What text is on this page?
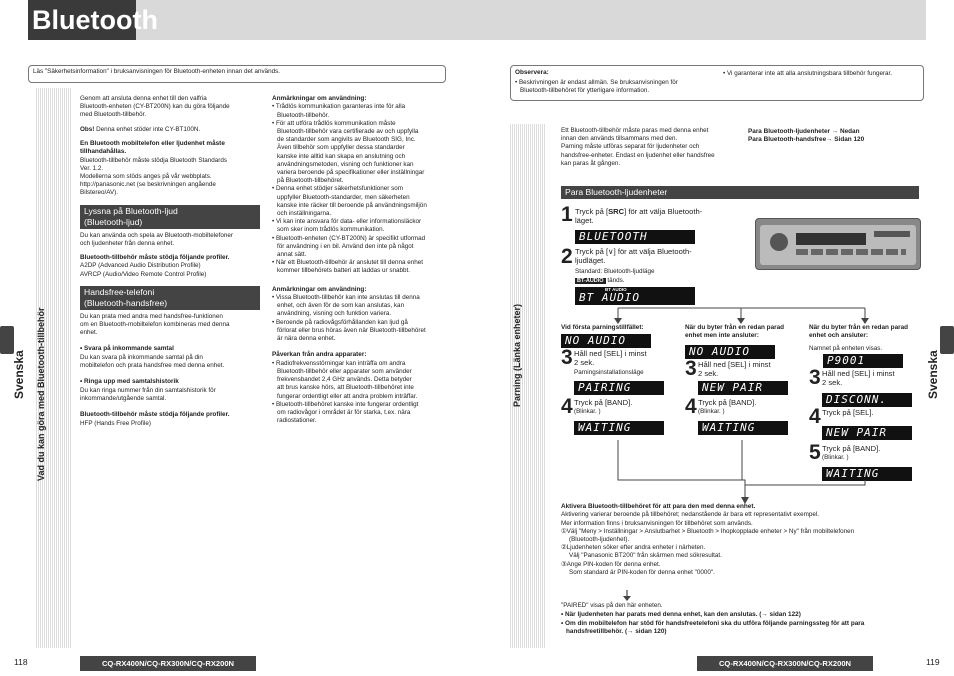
Bluetooth
Läs "Säkerhetsinformation" i bruksanvisningen för Bluetooth-enheten innan det används.
Svenska	Vad du kan göra med Bluetooth-tillbehör
Genom att ansluta denna enhet till den valfria
Bluetooth-enheten (CY-BT200N) kan du göra följande
med Bluetooth-tillbehör.
Obs! Denna enhet stöder inte CY-BT100N.
En Bluetooth mobiltelefon eller ljudenhet måste
tillhandahållas.
Bluetooth-tillbehör måste stödja Bluetooth Standards
Ver. 1.2.
Modellerna som stöds anges på vår webbplats.
http://panasonic.net (se beskrivningen angående
Bilstereo/AV).
Lyssna på Bluetooth-ljud
(Bluetooth-ljud)
Du kan använda och spela av Bluetooth-mobiltelefoner
och ljudenheter från denna enhet.
Bluetooth-tillbehör måste stödja följande profiler.
A2DP (Advanced Audio Distribution Profile)
AVRCP (Audio/Video Remote Control Profile)
Handsfree-telefoni
(Bluetooth-handsfree)
Du kan prata med andra med handsfree-funktionen
om en Bluetooth-mobiltelefon kombineras med denna
enhet.
• Svara på inkommande samtal
Du kan svara på inkommande samtal på din
mobiltelefon och prata handsfree med denna enhet.
• Ringa upp med samtalshistorik
Du kan ringa nummer från din samtalshistorik för
inkommande/utgående samtal.
Bluetooth-tillbehör måste stödja följande profiler.
HFP (Hands Free Profile)
Anmärkningar om användning:
• Trådlös kommunikation garanteras inte för alla
Bluetooth-tillbehör.
• För att utföra trådlös kommunikation måste
Bluetooth-tillbehör vara certifierade av och uppfylla
de standarder som angivits av Bluetooth SIG, Inc.
Även tillbehör som uppfyller dessa standarder
kanske inte alltid kan skapa en anslutning och
användningsmetoden, visning och funktioner kan
variera beroende på specifikationer eller inställningar
på Bluetooth-tillbehöret.
• Denna enhet stödjer säkerhetsfunktioner som
uppfyller Bluetooth-standarder, men säkerheten
kanske inte räcker till beroende på användningsmiljön
och inställningarna.
• Vi kan inte ansvara för data- eller informationsläckor
som sker inom trådlös kommunikation.
• Bluetooth-enheten (CY-BT200N) är specifikt utformad
för användning i en bil. Använd den inte på något
annat sätt.
• När ett Bluetooth-tillbehör är anslutet till denna enhet
kommer tillbehörets batteri att laddas ur snabbt.
Anmärkningar om användning:
• Vissa Bluetooth-tillbehör kan inte anslutas till denna
enhet, och även för de som kan anslutas, kan
användning, visning och funktion variera.
• Beroende på radiovågsförhållanden kan ljud gå
förlorat eller brus höras även när Bluetooth-tillbehöret
är nära denna enhet.
Påverkan från andra apparater:
• Radiofrekvensstörningar kan inträffa om andra
Bluetooth-tillbehör eller apparater som använder
frekvensbandet 2,4 GHz används. Detta betyder
att brus kanske hörs, att Bluetooth-tillbehöret inte
fungerar ordentligt eller att andra problem inträffar.
• Bluetooth-tillbehöret kanske inte fungerar ordentligt
om radiovågor i området är för starka, t.ex. nära
radiostationer.
118	CQ-RX400N/CQ-RX300N/CQ-RX200N
Observera:
• Beskrivningen är endast allmän. Se bruksanvisningen för
Bluetooth-tillbehöret för ytterligare information.
• Vi garanterar inte att alla anslutningsbara tillbehör fungerar.
Parning (Länka enheter)	Svenska
Ett Bluetooth-tillbehör måste paras med denna enhet
innan den används tillsammans med den.
Parning måste utföras separat för ljudenheter och
handsfree-enheter. Endast en ljudenhet eller handsfree
kan paras åt gången.
Para Bluetooth-ljudenheter → Nedan
Para Bluetooth-handsfree→ Sidan 120
Para Bluetooth-ljudenheter
1 Tryck på [SRC] för att välja Bluetooth-
läget.
BLUETOOTH
2 Tryck på [∨] för att välja Bluetooth-
ljudläget.
Standard: Bluetooth-ljudläge
BT-AUDIO tänds.
BT AUDIO
BT AUDIO
Vid första parningstillfället:	När du byter från en redan parad
enhet men inte ansluter:
När du byter från en redan parad
enhet och ansluter:
Namnet på enheten visas.
NO AUDIO
NO AUDIO
P9001
3 Håll ned [SEL] i minst
2 sek.
Parningsinstallationsläge	3 Håll ned [SEL] i minst
2 sek.	3 Håll ned [SEL] i minst
2 sek.
PAIRING	NEW PAIR
DISCONN.
4 Tryck på [BAND].
(Blinkar. )	4 Tryck på [BAND].
(Blinkar. )	4 Tryck på [SEL].
WAITING	WAITING	NEW PAIR
5 Tryck på [BAND].
(Blinkar. )
WAITING
Aktivera Bluetooth-tillbehöret för att para den med denna enhet.
Aktivering varierar beroende på tillbehöret; nedanstående är bara ett representativt exempel.
Mer information finns i bruksanvisningen för tillbehöret som används.
①Välj "Meny > Inställningar > Anslutbarhet > Bluetooth > Ihopkopplade enheter > Ny" från mobiltelefonen
(Bluetooth-ljudenhet).
②Ljudenheten söker efter andra enheter i närheten.
Välj "Panasonic BT200" från skärmen med sökresultat.
③Ange PIN-koden för denna enhet.
Som standard är PIN-koden för denna enhet "0000".
"PAIRED" visas på den här enheten.
• När ljudenheten har parats med denna enhet, kan den anslutas. (→ sidan 122)
• Om din mobiltelefon har stöd för handsfreetelefoni ska du utföra följande parningssteg för att para
handsfreetillbehör. (→ sidan 120)
CQ-RX400N/CQ-RX300N/CQ-RX200N	119
